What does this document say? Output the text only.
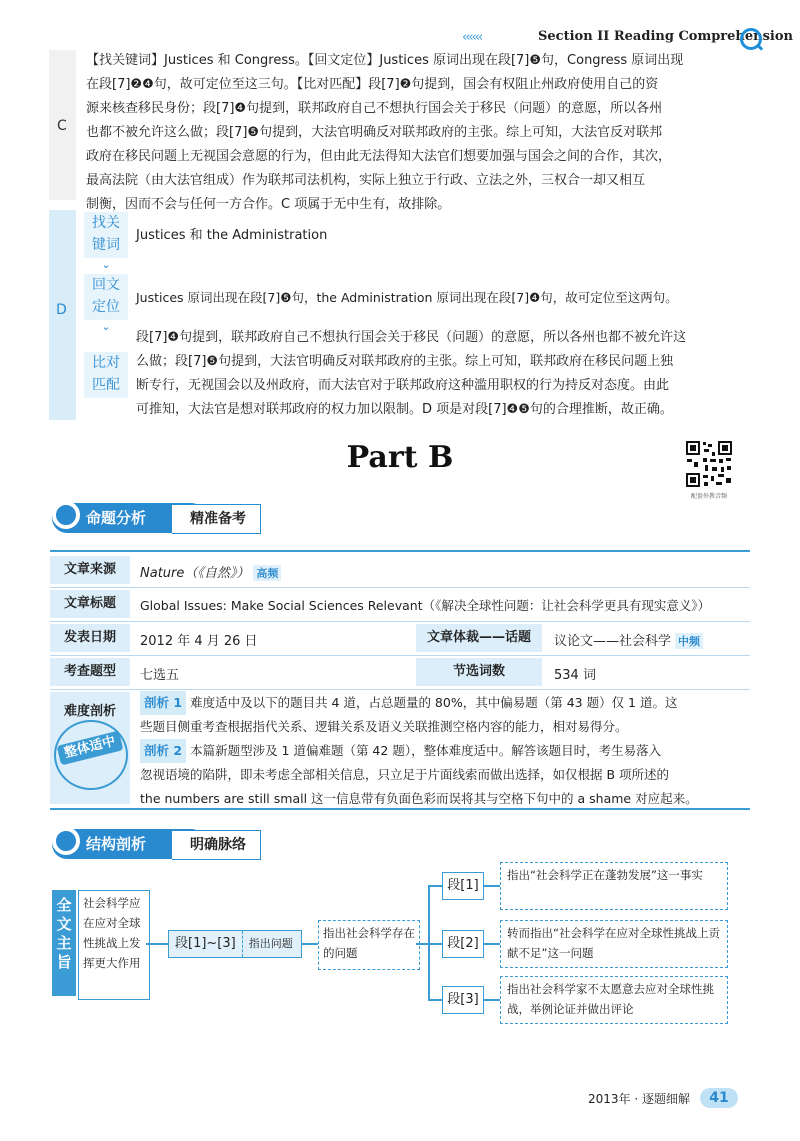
‹‹‹‹‹‹	Section II Reading Comprehension
C
【找关键词】Justices 和 Congress。【回文定位】Justices 原词出现在段[7]❺句，Congress 原词出现
在段[7]❷❹句，故可定位至这三句。【比对匹配】段[7]❷句提到，国会有权阻止州政府使用自己的资
源来核查移民身份；段[7]❹句提到，联邦政府自己不想执行国会关于移民（问题）的意愿，所以各州
也都不被允许这么做；段[7]❺句提到，大法官明确反对联邦政府的主张。综上可知，大法官反对联邦
政府在移民问题上无视国会意愿的行为，但由此无法得知大法官们想要加强与国会之间的合作，其次，
最高法院（由大法官组成）作为联邦司法机构，实际上独立于行政、立法之外，三权合一却又相互
制衡，因而不会与任何一方合作。C 项属于无中生有，故排除。
D
找关
键词
⌄
Justices 和 the Administration
回文
定位
⌄
Justices 原词出现在段[7]❺句，the Administration 原词出现在段[7]❹句，故可定位至这两句。
比对
匹配
段[7]❹句提到，联邦政府自己不想执行国会关于移民（问题）的意愿，所以各州也都不被允许这
么做；段[7]❺句提到，大法官明确反对联邦政府的主张。综上可知，联邦政府在移民问题上独
断专行，无视国会以及州政府，而大法官对于联邦政府这种滥用职权的行为持反对态度。由此
可推知，大法官是想对联邦政府的权力加以限制。D 项是对段[7]❹❺句的合理推断，故正确。
Part B
配套外教音频
命题分析	精准备考
文章来源	Nature（《自然》） 高频
文章标题	Global Issues: Make Social Sciences Relevant（《解决全球性问题：让社会科学更具有现实意义》）
发表日期	2012 年 4 月 26 日	文章体裁——话题	议论文——社会科学 中频
考查题型	七选五	节选词数	534 词
难度剖析
整体适中
剖析 1 难度适中及以下的题目共 4 道，占总题量的 80%，其中偏易题（第 43 题）仅 1 道。这
些题目侧重考查根据指代关系、逻辑关系及语义关联推测空格内容的能力，相对易得分。
剖析 2 本篇新题型涉及 1 道偏难题（第 42 题），整体难度适中。解答该题目时，考生易落入
忽视语境的陷阱，即未考虑全部相关信息，只立足于片面线索而做出选择，如仅根据 B 项所述的
the numbers are still small 这一信息带有负面色彩而误将其与空格下句中的 a shame 对应起来。
结构剖析	明确脉络
全文主旨
社会科学应在应对全球性挑战上发挥更大作用
段[1]~[3] 指出问题
指出社会科学存在的问题
段[1]
指出“社会科学正在蓬勃发展”这一事实
段[2]
转而指出“社会科学在应对全球性挑战上贡献不足”这一问题
段[3]
指出社会科学家不太愿意去应对全球性挑战，举例论证并做出评论
2013年 · 逐题细解	41
